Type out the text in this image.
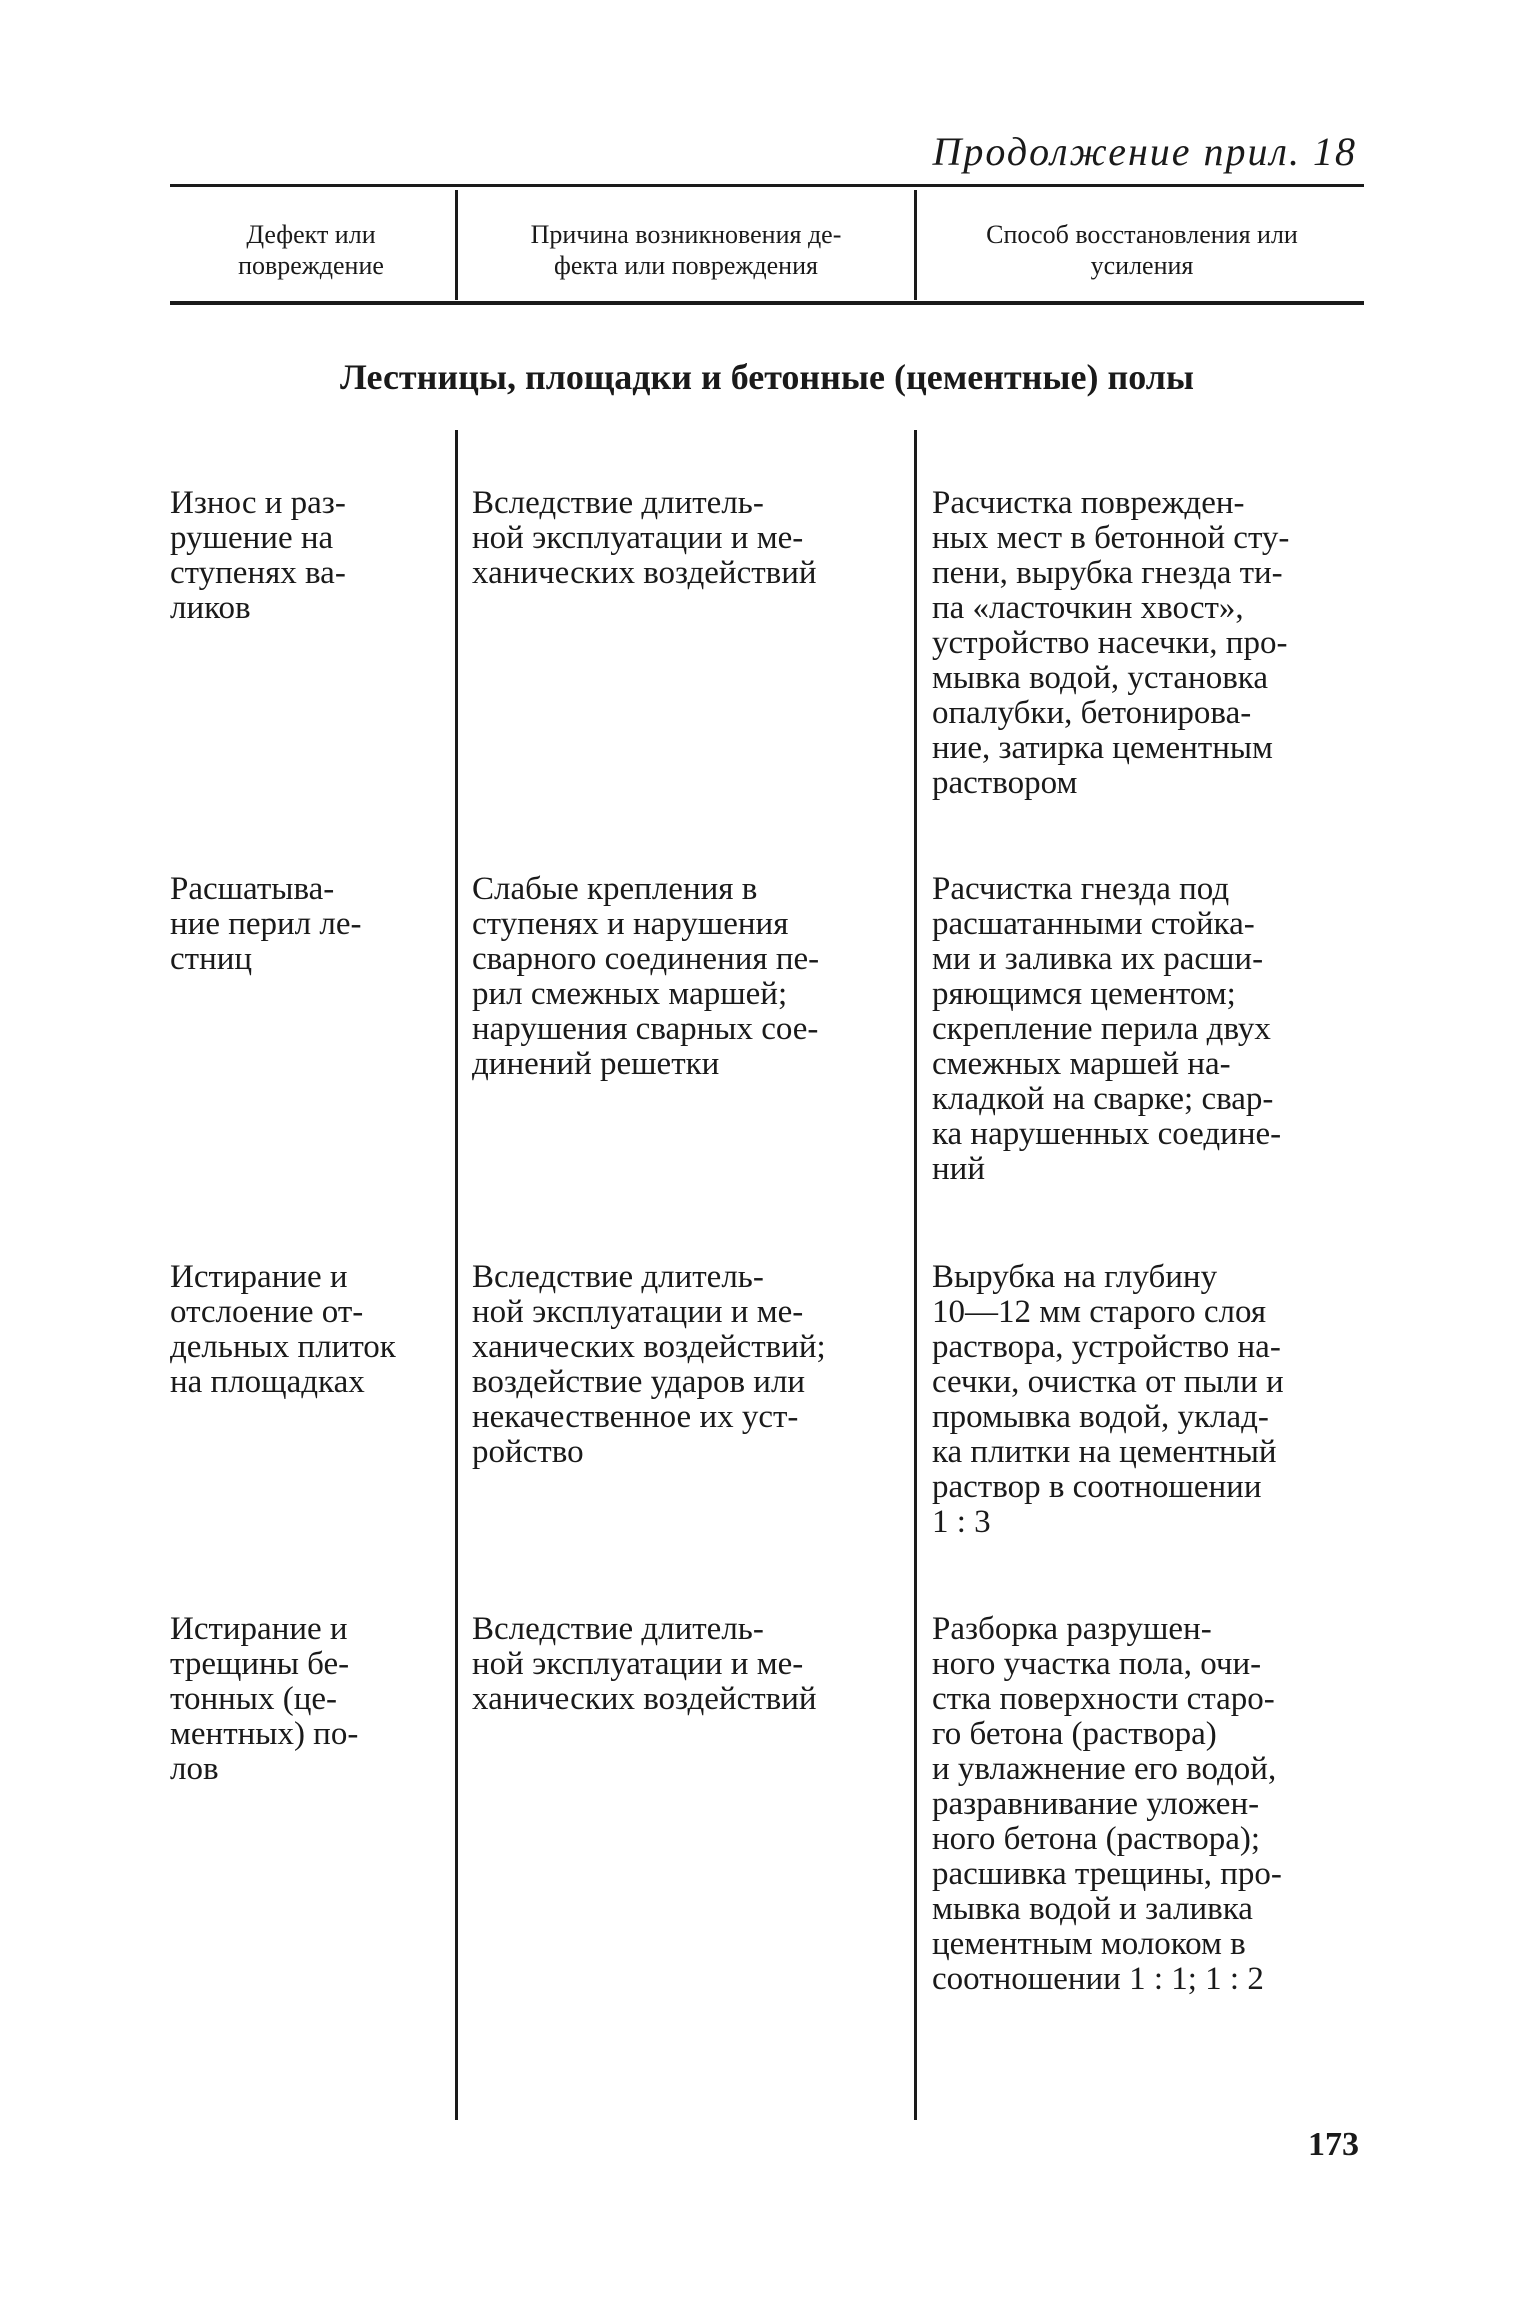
Продолжение прил. 18
Дефект или
повреждение
Причина возникновения де-
фекта или повреждения
Способ восстановления или
усиления
Лестницы, площадки и бетонные (цементные) полы
Износ и раз-
рушение на
ступенях ва-
ликов
Вследствие длитель-
ной эксплуатации и ме-
ханических воздействий
Расчистка поврежден-
ных мест в бетонной сту-
пени, вырубка гнезда ти-
па «ласточкин хвост»,
устройство насечки, про-
мывка водой, установка
опалубки, бетонирова-
ние, затирка цементным
раствором
Расшатыва-
ние перил ле-
стниц
Слабые крепления в
ступенях и нарушения
сварного соединения пе-
рил смежных маршей;
нарушения сварных сое-
динений решетки
Расчистка гнезда под
расшатанными стойка-
ми и заливка их расши-
ряющимся цементом;
скрепление перила двух
смежных маршей на-
кладкой на сварке; свар-
ка нарушенных соедине-
ний
Истирание и
отслоение от-
дельных плиток
на площадках
Вследствие длитель-
ной эксплуатации и ме-
ханических воздействий;
воздействие ударов или
некачественное их уст-
ройство
Вырубка на глубину
10—12 мм старого слоя
раствора, устройство на-
сечки, очистка от пыли и
промывка водой, уклад-
ка плитки на цементный
раствор в соотношении
1 : 3
Истирание и
трещины бе-
тонных (це-
ментных) по-
лов
Вследствие длитель-
ной эксплуатации и ме-
ханических воздействий
Разборка разрушен-
ного участка пола, очи-
стка поверхности старо-
го бетона (раствора)
и увлажнение его водой,
разравнивание уложен-
ного бетона (раствора);
расшивка трещины, про-
мывка водой и заливка
цементным молоком в
соотношении 1 : 1; 1 : 2
173
